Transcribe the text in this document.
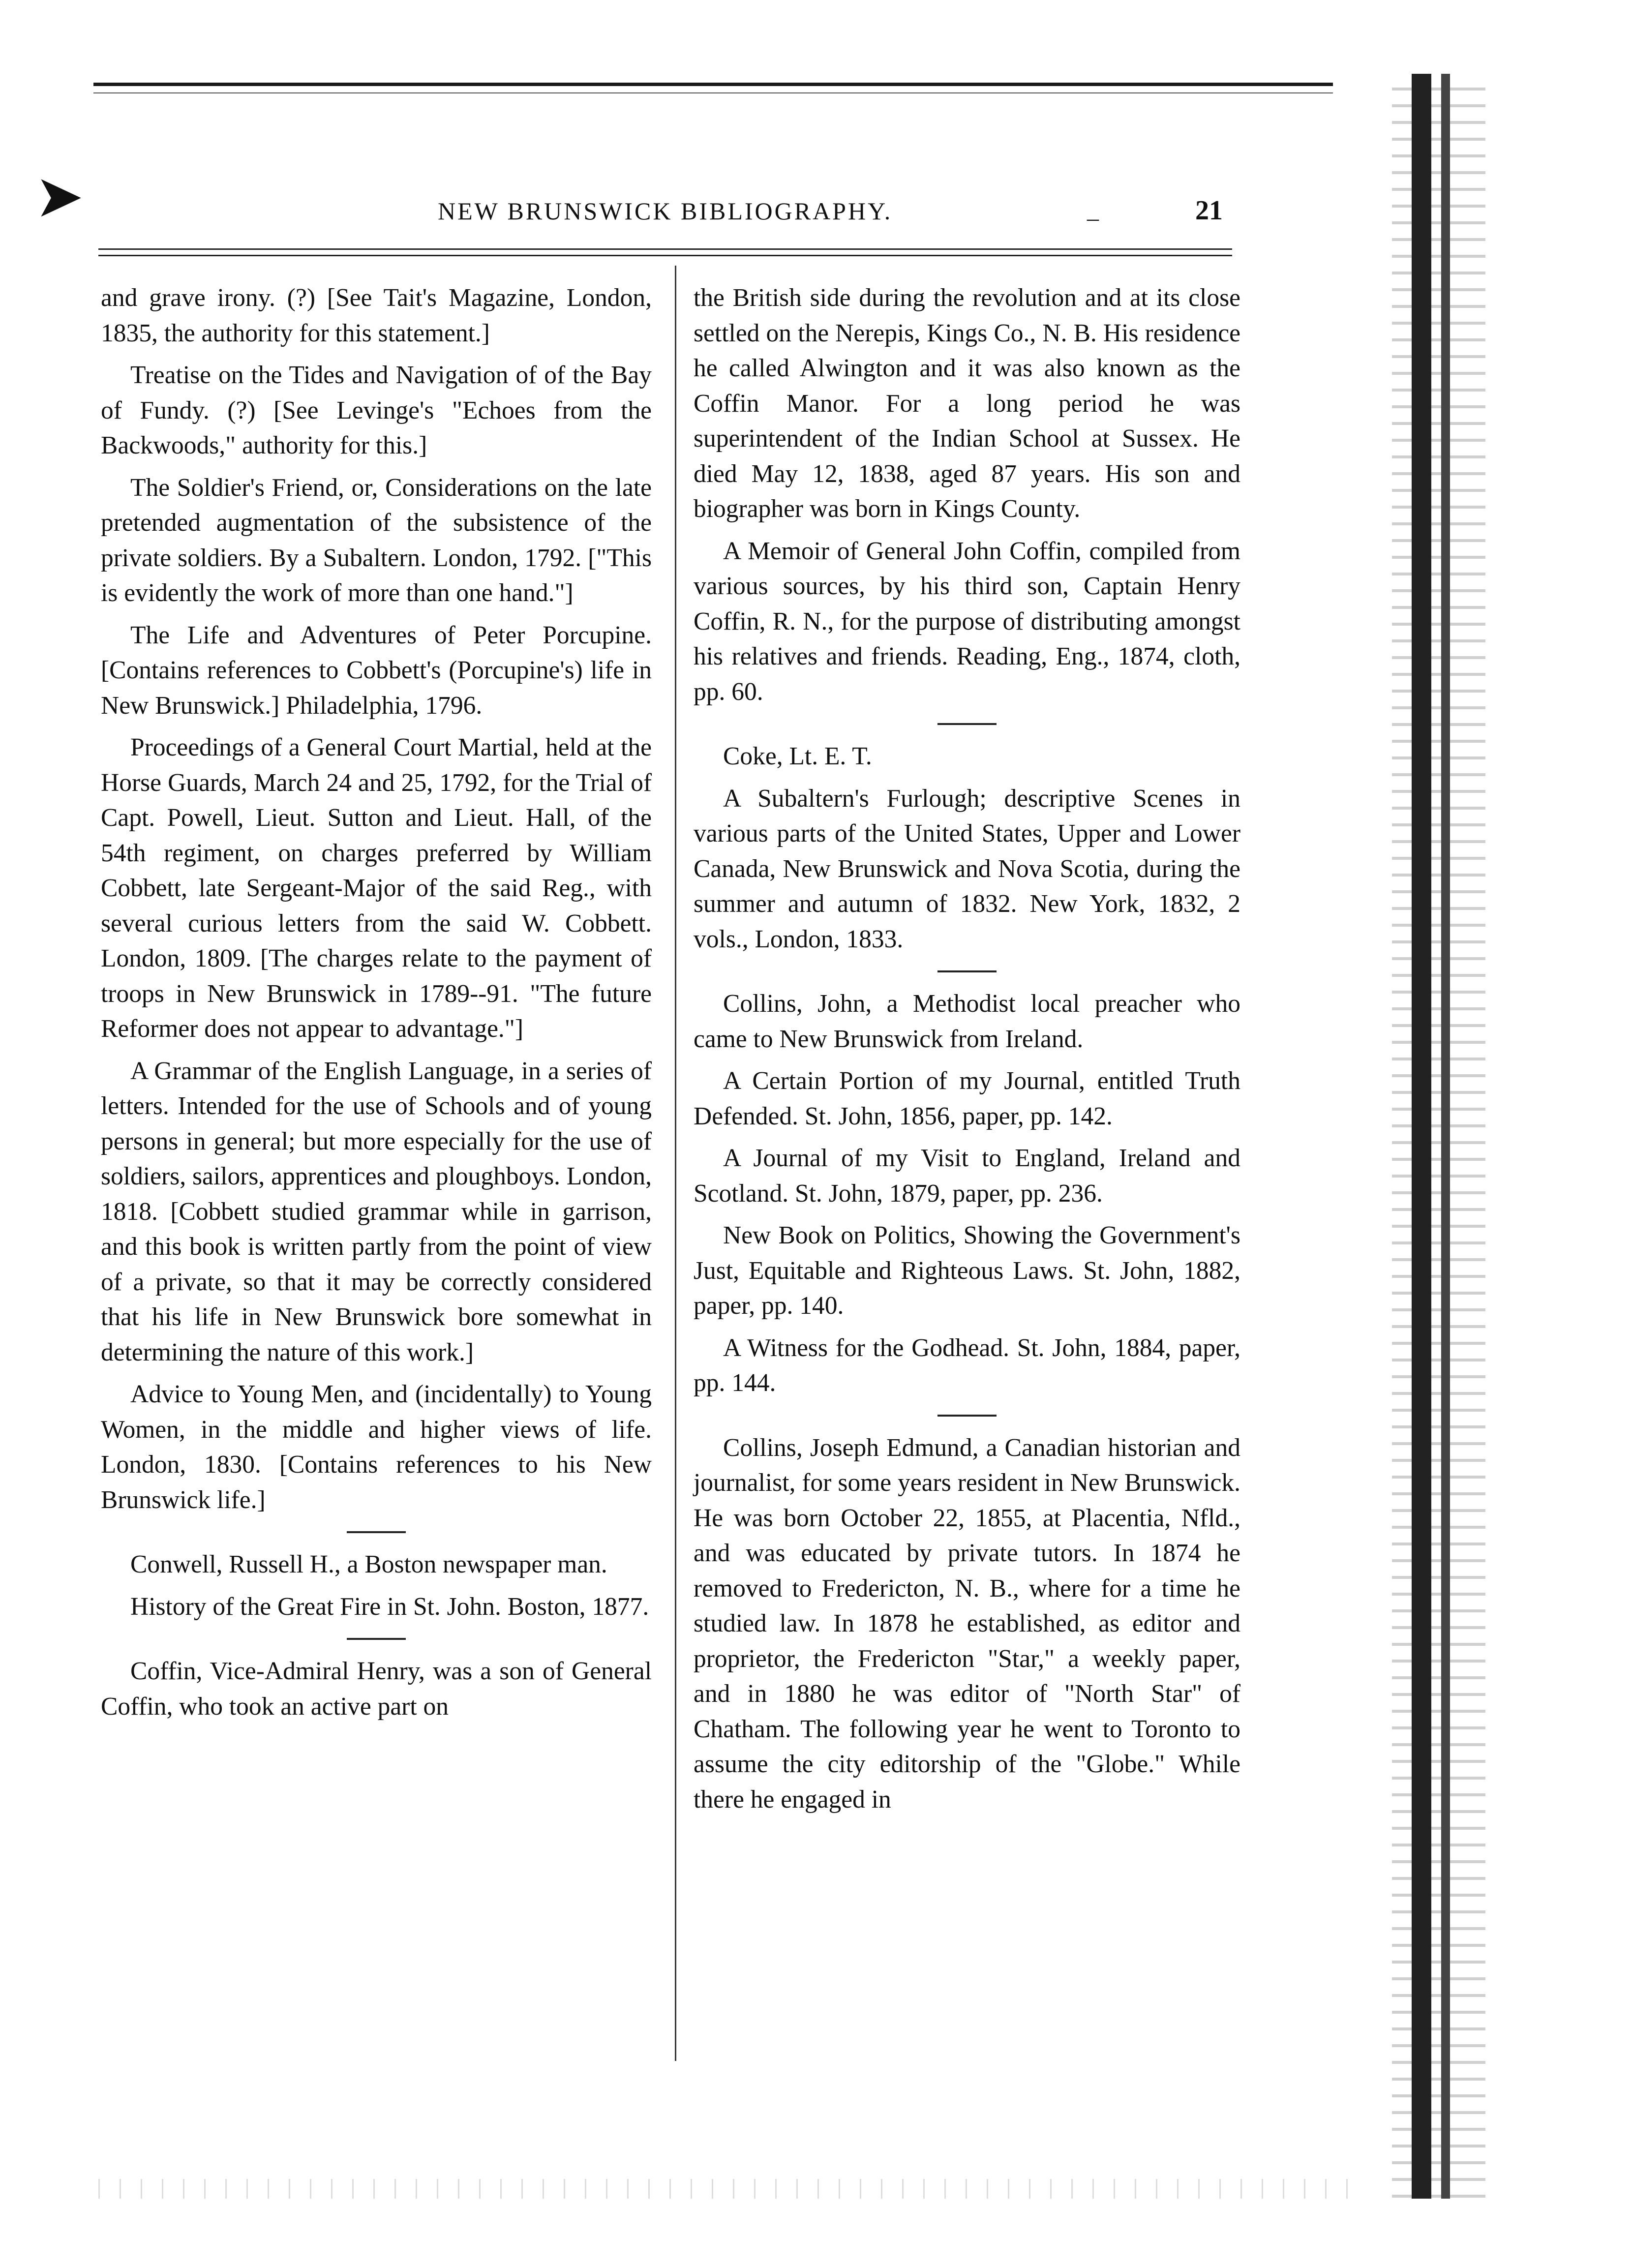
➤	NEW BRUNSWICK BIBLIOGRAPHY.	_	21

and grave irony. (?) [See Tait's Magazine, London, 1835, the authority for this statement.]

Treatise on the Tides and Navigation of of the Bay of Fundy. (?) [See Levinge's "Echoes from the Backwoods," authority for this.]

The Soldier's Friend, or, Considerations on the late pretended augmentation of the subsistence of the private soldiers. By a Subaltern. London, 1792. ["This is evidently the work of more than one hand."]

The Life and Adventures of Peter Porcupine. [Contains references to Cobbett's (Porcupine's) life in New Brunswick.] Philadelphia, 1796.

Proceedings of a General Court Martial, held at the Horse Guards, March 24 and 25, 1792, for the Trial of Capt. Powell, Lieut. Sutton and Lieut. Hall, of the 54th regiment, on charges preferred by William Cobbett, late Sergeant-Major of the said Reg., with several curious letters from the said W. Cobbett. London, 1809. [The charges relate to the payment of troops in New Brunswick in 1789--91. "The future Reformer does not appear to advantage."]

A Grammar of the English Language, in a series of letters. Intended for the use of Schools and of young persons in general; but more especially for the use of soldiers, sailors, apprentices and ploughboys. London, 1818. [Cobbett studied grammar while in garrison, and this book is written partly from the point of view of a private, so that it may be correctly considered that his life in New Brunswick bore somewhat in determining the nature of this work.]

Advice to Young Men, and (incidentally) to Young Women, in the middle and higher views of life. London, 1830. [Contains references to his New Brunswick life.]

Conwell, Russell H., a Boston newspaper man.

History of the Great Fire in St. John. Boston, 1877.

Coffin, Vice-Admiral Henry, was a son of General Coffin, who took an active part on

the British side during the revolution and at its close settled on the Nerepis, Kings Co., N. B. His residence he called Alwington and it was also known as the Coffin Manor. For a long period he was superintendent of the Indian School at Sussex. He died May 12, 1838, aged 87 years. His son and biographer was born in Kings County.

A Memoir of General John Coffin, compiled from various sources, by his third son, Captain Henry Coffin, R. N., for the purpose of distributing amongst his relatives and friends. Reading, Eng., 1874, cloth, pp. 60.

Coke, Lt. E. T.

A Subaltern's Furlough; descriptive Scenes in various parts of the United States, Upper and Lower Canada, New Brunswick and Nova Scotia, during the summer and autumn of 1832. New York, 1832, 2 vols., London, 1833.

Collins, John, a Methodist local preacher who came to New Brunswick from Ireland.

A Certain Portion of my Journal, entitled Truth Defended. St. John, 1856, paper, pp. 142.

A Journal of my Visit to England, Ireland and Scotland. St. John, 1879, paper, pp. 236.

New Book on Politics, Showing the Government's Just, Equitable and Righteous Laws. St. John, 1882, paper, pp. 140.

A Witness for the Godhead. St. John, 1884, paper, pp. 144.

Collins, Joseph Edmund, a Canadian historian and journalist, for some years resident in New Brunswick. He was born October 22, 1855, at Placentia, Nfld., and was educated by private tutors. In 1874 he removed to Fredericton, N. B., where for a time he studied law. In 1878 he established, as editor and proprietor, the Fredericton "Star," a weekly paper, and in 1880 he was editor of "North Star" of Chatham. The following year he went to Toronto to assume the city editorship of the "Globe." While there he engaged in
